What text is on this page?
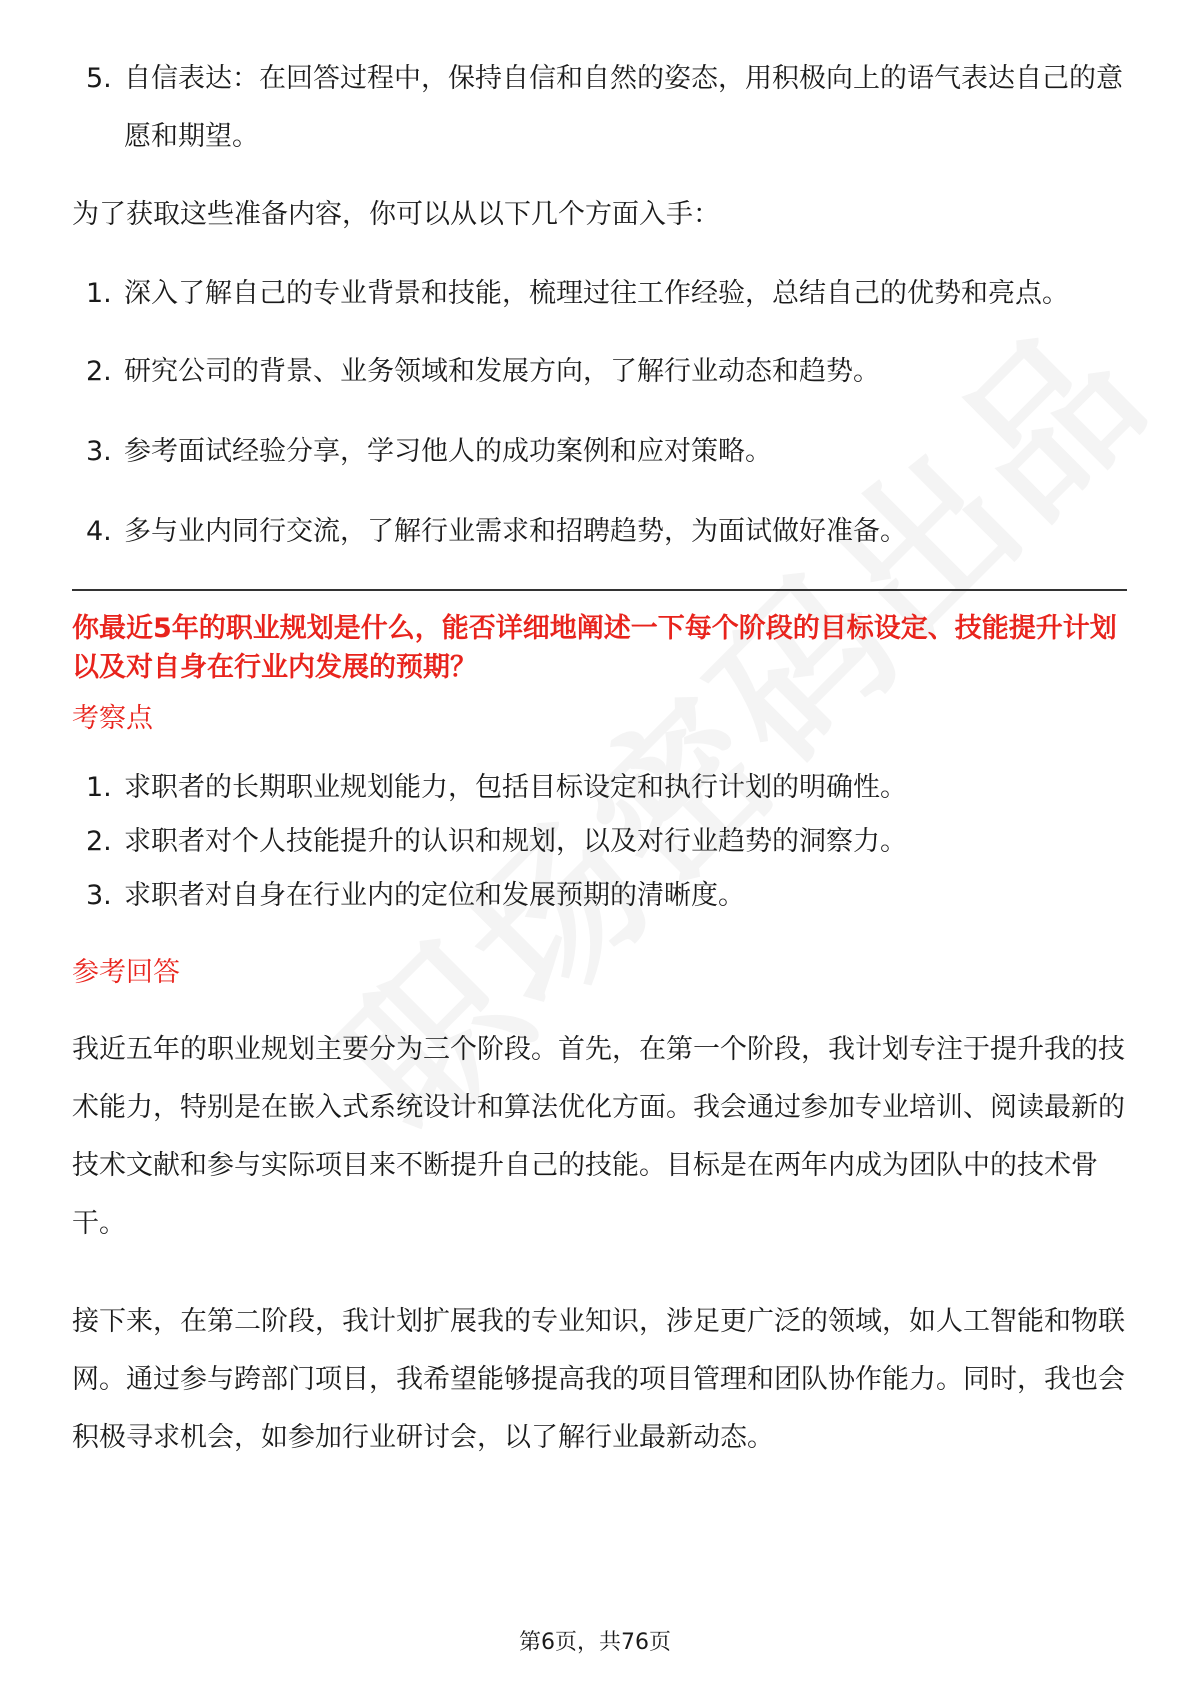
5. 自信表达：在回答过程中，保持自信和自然的姿态，用积极向上的语气表达自己的意愿和期望。
为了获取这些准备内容，你可以从以下几个方面入手：
1. 深入了解自己的专业背景和技能，梳理过往工作经验，总结自己的优势和亮点。
2. 研究公司的背景、业务领域和发展方向，了解行业动态和趋势。
3. 参考面试经验分享，学习他人的成功案例和应对策略。
4. 多与业内同行交流，了解行业需求和招聘趋势，为面试做好准备。
你最近5年的职业规划是什么，能否详细地阐述一下每个阶段的目标设定、技能提升计划以及对自身在行业内发展的预期？
考察点
1. 求职者的长期职业规划能力，包括目标设定和执行计划的明确性。
2. 求职者对个人技能提升的认识和规划，以及对行业趋势的洞察力。
3. 求职者对自身在行业内的定位和发展预期的清晰度。
参考回答
我近五年的职业规划主要分为三个阶段。首先，在第一个阶段，我计划专注于提升我的技术能力，特别是在嵌入式系统设计和算法优化方面。我会通过参加专业培训、阅读最新的技术文献和参与实际项目来不断提升自己的技能。目标是在两年内成为团队中的技术骨干。
接下来，在第二阶段，我计划扩展我的专业知识，涉足更广泛的领域，如人工智能和物联网。通过参与跨部门项目，我希望能够提高我的项目管理和团队协作能力。同时，我也会积极寻求机会，如参加行业研讨会，以了解行业最新动态。
第6页，共76页
